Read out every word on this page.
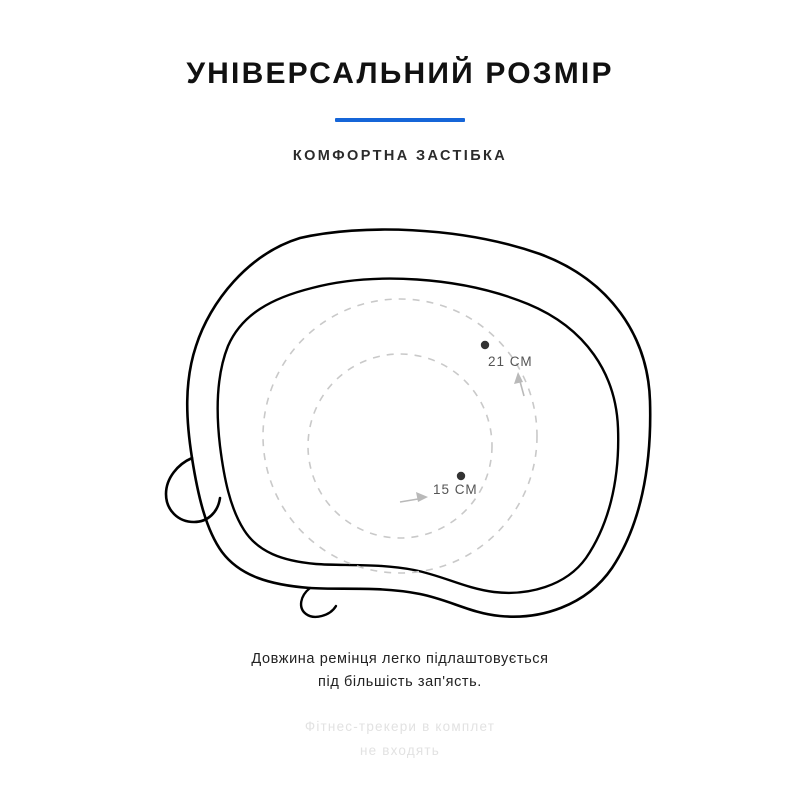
УНІВЕРСАЛЬНИЙ РОЗМІР

КОМФОРТНА ЗАСТІБКА

21 СМ
15 СМ
Довжина ремінця легко підлаштовується
під більшість зап'ясть.
Фітнес-трекери в комплет
не входять
